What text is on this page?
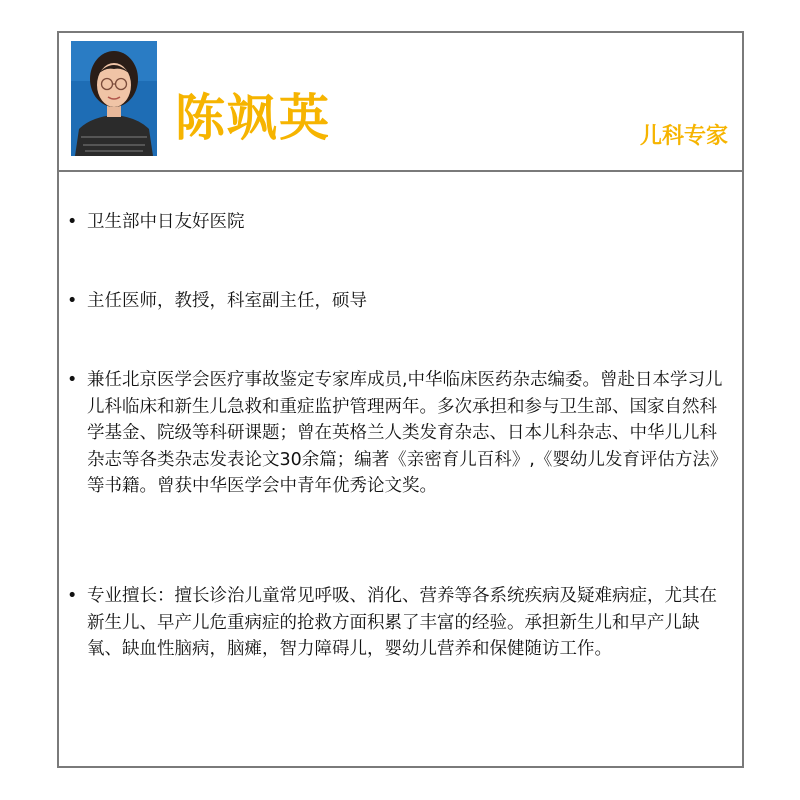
陈飒英	儿科专家
• 卫生部中日友好医院
• 主任医师，教授，科室副主任，硕导
• 兼任北京医学会医疗事故鉴定专家库成员,中华临床医药杂志编委。曾赴日本学习儿儿科临床和新生儿急救和重症监护管理两年。多次承担和参与卫生部、国家自然科学基金、院级等科研课题；曾在英格兰人类发育杂志、日本儿科杂志、中华儿儿科杂志等各类杂志发表论文30余篇；编著《亲密育儿百科》,《婴幼儿发育评估方法》等书籍。曾获中华医学会中青年优秀论文奖。
• 专业擅长：擅长诊治儿童常见呼吸、消化、营养等各系统疾病及疑难病症，尤其在新生儿、早产儿危重病症的抢救方面积累了丰富的经验。承担新生儿和早产儿缺氧、缺血性脑病，脑瘫，智力障碍儿，婴幼儿营养和保健随访工作。
